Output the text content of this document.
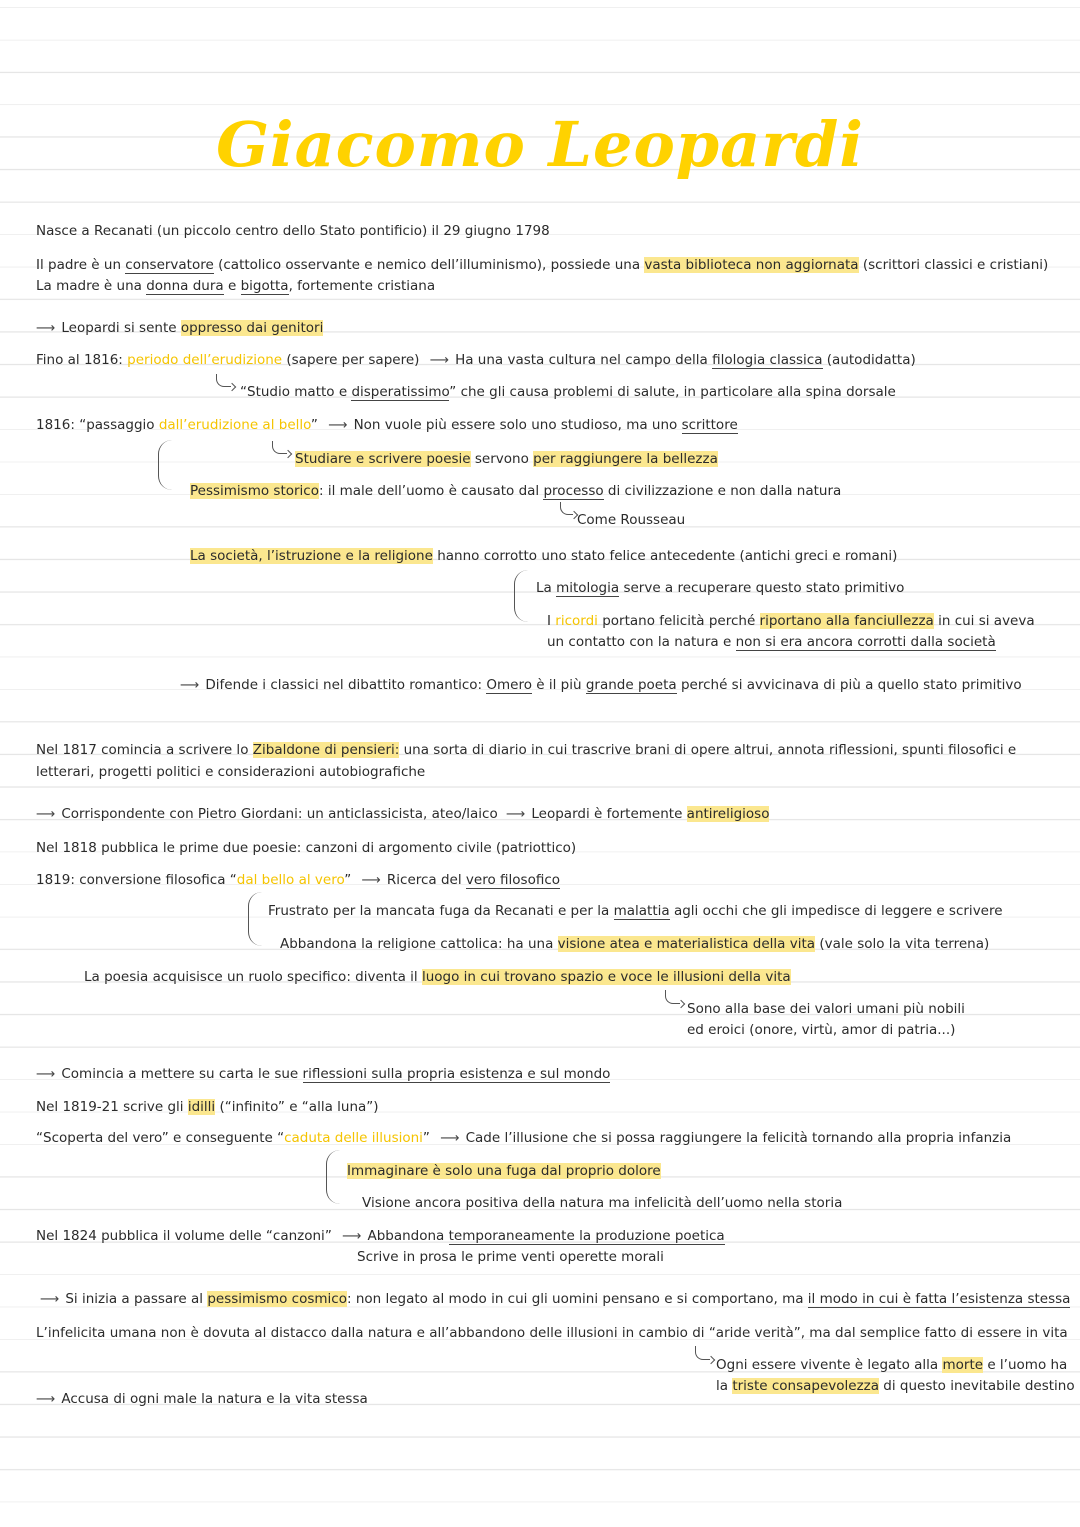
Giacomo Leopardi
Nasce a Recanati (un piccolo centro dello Stato pontificio) il 29 giugno 1798
Il padre è un conservatore (cattolico osservante e nemico dell’illuminismo), possiede una vasta biblioteca non aggiornata (scrittori classici e cristiani)
La madre è una donna dura e bigotta, fortemente cristiana
⟶ Leopardi si sente oppresso dai genitori
Fino al 1816: periodo dell’erudizione (sapere per sapere) ⟶ Ha una vasta cultura nel campo della filologia classica (autodidatta)
“Studio matto e disperatissimo” che gli causa problemi di salute, in particolare alla spina dorsale
1816: “passaggio dall’erudizione al bello” ⟶ Non vuole più essere solo uno studioso, ma uno scrittore
Studiare e scrivere poesie servono per raggiungere la bellezza
Pessimismo storico: il male dell’uomo è causato dal processo di civilizzazione e non dalla natura
Come Rousseau
La società, l’istruzione e la religione hanno corrotto uno stato felice antecedente (antichi greci e romani)
La mitologia serve a recuperare questo stato primitivo
I ricordi portano felicità perché riportano alla fanciullezza in cui si aveva
un contatto con la natura e non si era ancora corrotti dalla società
⟶ Difende i classici nel dibattito romantico: Omero è il più grande poeta perché si avvicinava di più a quello stato primitivo
Nel 1817 comincia a scrivere lo Zibaldone di pensieri: una sorta di diario in cui trascrive brani di opere altrui, annota riflessioni, spunti filosofici e
letterari, progetti politici e considerazioni autobiografiche
⟶ Corrispondente con Pietro Giordani: un anticlassicista, ateo/laico ⟶ Leopardi è fortemente antireligioso
Nel 1818 pubblica le prime due poesie: canzoni di argomento civile (patriottico)
1819: conversione filosofica “dal bello al vero” ⟶ Ricerca del vero filosofico
Frustrato per la mancata fuga da Recanati e per la malattia agli occhi che gli impedisce di leggere e scrivere
Abbandona la religione cattolica: ha una visione atea e materialistica della vita (vale solo la vita terrena)
La poesia acquisisce un ruolo specifico: diventa il luogo in cui trovano spazio e voce le illusioni della vita
Sono alla base dei valori umani più nobili
ed eroici (onore, virtù, amor di patria...)
⟶ Comincia a mettere su carta le sue riflessioni sulla propria esistenza e sul mondo
Nel 1819-21 scrive gli idilli (“infinito” e “alla luna”)
“Scoperta del vero” e conseguente “caduta delle illusioni” ⟶ Cade l’illusione che si possa raggiungere la felicità tornando alla propria infanzia
Immaginare è solo una fuga dal proprio dolore
Visione ancora positiva della natura ma infelicità dell’uomo nella storia
Nel 1824 pubblica il volume delle “canzoni” ⟶ Abbandona temporaneamente la produzione poetica
Scrive in prosa le prime venti operette morali
⟶ Si inizia a passare al pessimismo cosmico: non legato al modo in cui gli uomini pensano e si comportano, ma il modo in cui è fatta l’esistenza stessa
L’infelicita umana non è dovuta al distacco dalla natura e all’abbandono delle illusioni in cambio di “aride verità”, ma dal semplice fatto di essere in vita
Ogni essere vivente è legato alla morte e l’uomo ha
la triste consapevolezza di questo inevitabile destino
⟶ Accusa di ogni male la natura e la vita stessa
